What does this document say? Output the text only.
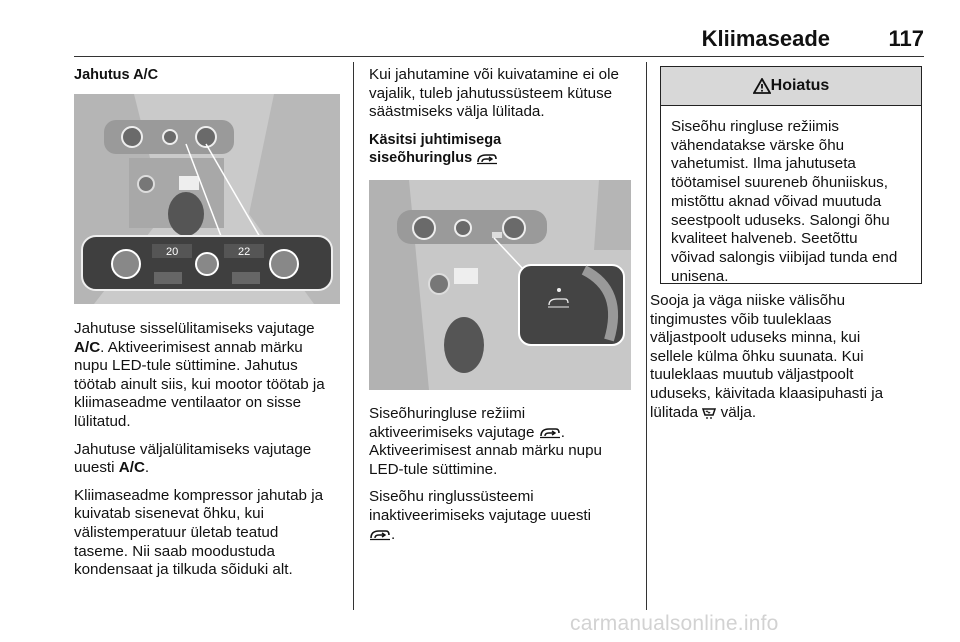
Kliimaseade	117

Jahutus A/C

20	22

Jahutuse sisselülitamiseks vajutage
A/C. Aktiveerimisest annab märku
nupu LED-tule süttimine. Jahutus
töötab ainult siis, kui mootor töötab ja
kliimaseadme ventilaator on sisse
lülitatud.

Jahutuse väljalülitamiseks vajutage
uuesti A/C.

Kliimaseadme kompressor jahutab ja
kuivatab sisenevat õhku, kui
välistemperatuur ületab teatud
taseme. Nii saab moodustuda
kondensaat ja tilkuda sõiduki alt.

Kui jahutamine või kuivatamine ei ole
vajalik, tuleb jahutussüsteem kütuse
säästmiseks välja lülitada.

Käsitsi juhtimisega
siseõhuringlus

Siseõhuringluse režiimi
aktiveerimiseks vajutage .
Aktiveerimisest annab märku nupu
LED-tule süttimine.

Siseõhu ringlussüsteemi
inaktiveerimiseks vajutage uuesti
.

Hoiatus
Siseõhu ringluse režiimis
vähendatakse värske õhu
vahetumist. Ilma jahutuseta
töötamisel suureneb õhuniiskus,
mistõttu aknad võivad muutuda
seestpoolt uduseks. Salongi õhu
kvaliteet halveneb. Seetõttu
võivad salongis viibijad tunda end
unisena.

Sooja ja väga niiske välisõhu
tingimustes võib tuuleklaas
väljastpoolt uduseks minna, kui
sellele külma õhku suunata. Kui
tuuleklaas muutub väljastpoolt
uduseks, käivitada klaasipuhasti ja
lülitada välja.

carmanualsonline.info
